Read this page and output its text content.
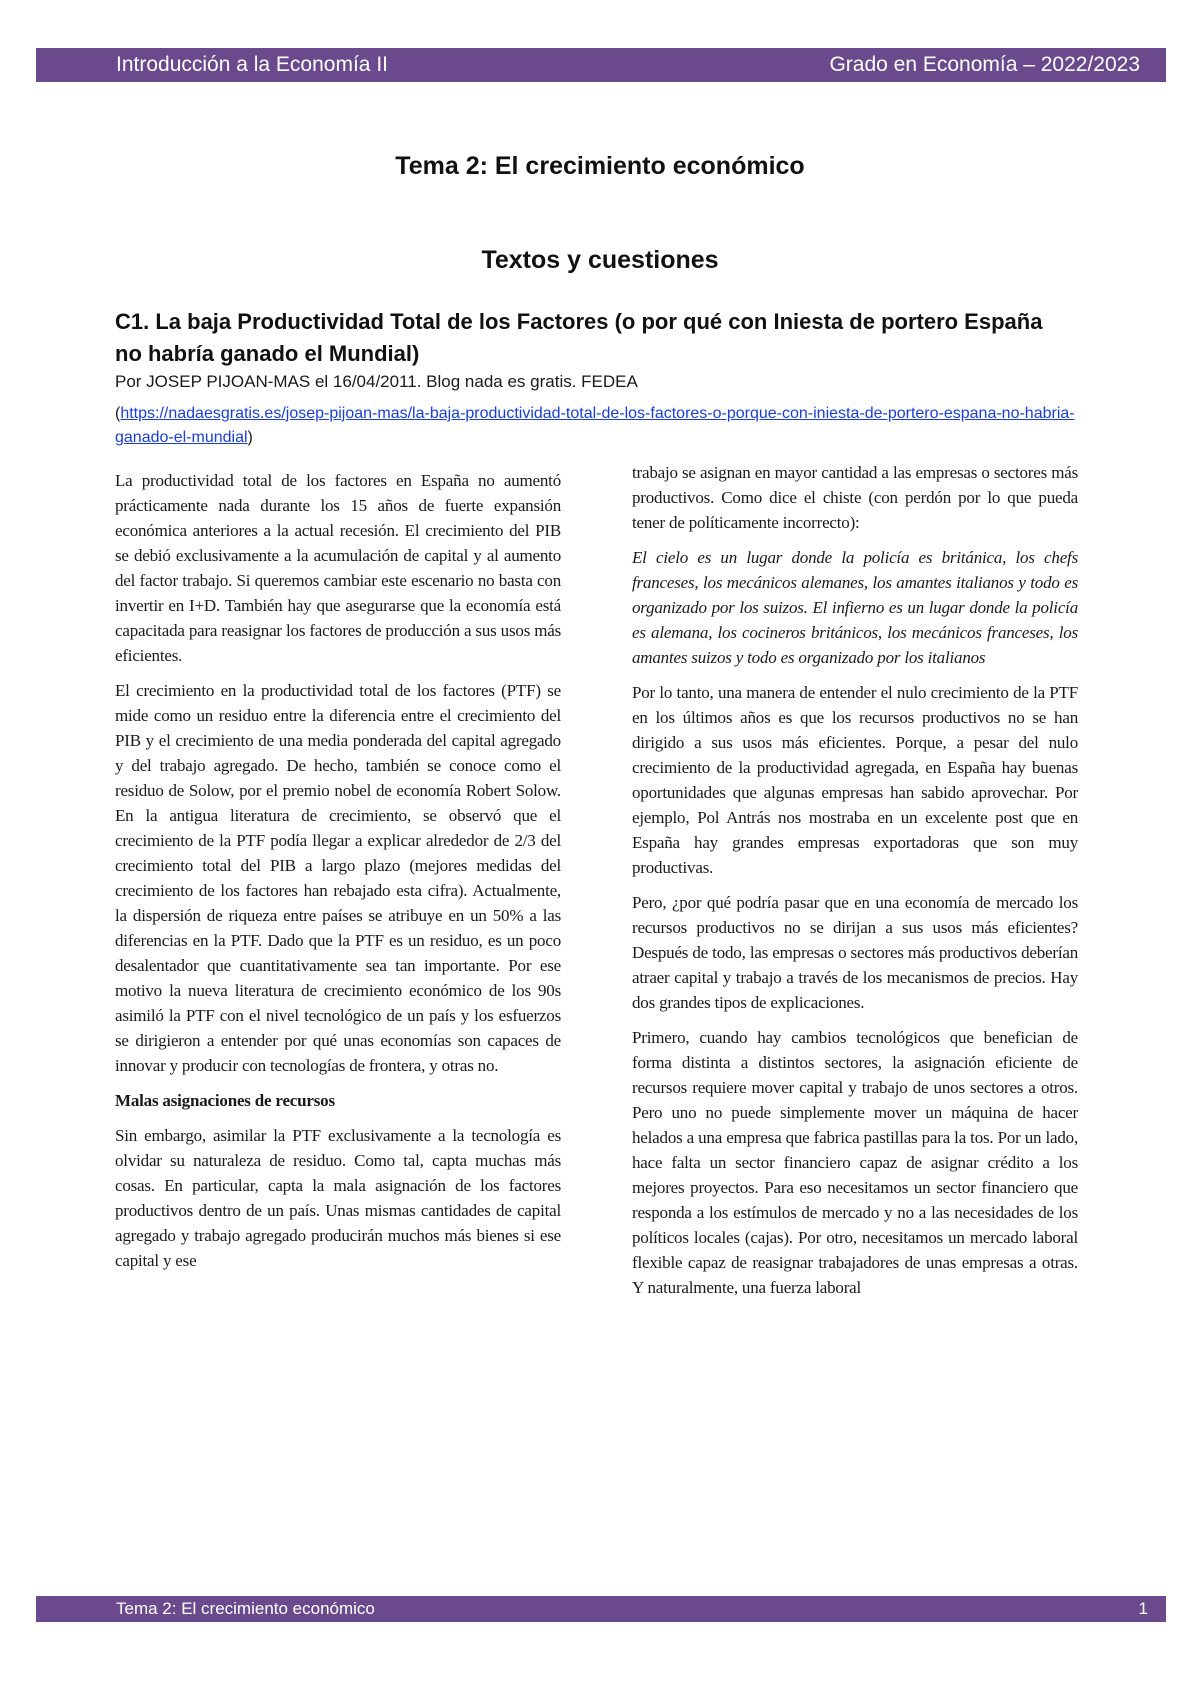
Introducción a la Economía II	Grado en Economía – 2022/2023
Tema 2: El crecimiento económico
Textos y cuestiones
C1. La baja Productividad Total de los Factores (o por qué con Iniesta de portero España no habría ganado el Mundial)
Por JOSEP PIJOAN-MAS el 16/04/2011. Blog nada es gratis. FEDEA
(https://nadaesgratis.es/josep-pijoan-mas/la-baja-productividad-total-de-los-factores-o-porque-con-iniesta-de-portero-espana-no-habria-ganado-el-mundial)

La productividad total de los factores en España no aumentó prácticamente nada durante los 15 años de fuerte expansión económica anteriores a la actual recesión. El crecimiento del PIB se debió exclusivamente a la acumulación de capital y al aumento del factor trabajo. Si queremos cambiar este escenario no basta con invertir en I+D. También hay que asegurarse que la economía está capacitada para reasignar los factores de producción a sus usos más eficientes.

El crecimiento en la productividad total de los factores (PTF) se mide como un residuo entre la diferencia entre el crecimiento del PIB y el crecimiento de una media ponderada del capital agregado y del trabajo agregado. De hecho, también se conoce como el residuo de Solow, por el premio nobel de economía Robert Solow. En la antigua literatura de crecimiento, se observó que el crecimiento de la PTF podía llegar a explicar alrededor de 2/3 del crecimiento total del PIB a largo plazo (mejores medidas del crecimiento de los factores han rebajado esta cifra). Actualmente, la dispersión de riqueza entre países se atribuye en un 50% a las diferencias en la PTF. Dado que la PTF es un residuo, es un poco desalentador que cuantitativamente sea tan importante. Por ese motivo la nueva literatura de crecimiento económico de los 90s asimiló la PTF con el nivel tecnológico de un país y los esfuerzos se dirigieron a entender por qué unas economías son capaces de innovar y producir con tecnologías de frontera, y otras no.

Malas asignaciones de recursos

Sin embargo, asimilar la PTF exclusivamente a la tecnología es olvidar su naturaleza de residuo. Como tal, capta muchas más cosas. En particular, capta la mala asignación de los factores productivos dentro de un país. Unas mismas cantidades de capital agregado y trabajo agregado producirán muchos más bienes si ese capital y ese

trabajo se asignan en mayor cantidad a las empresas o sectores más productivos. Como dice el chiste (con perdón por lo que pueda tener de políticamente incorrecto):

El cielo es un lugar donde la policía es británica, los chefs franceses, los mecánicos alemanes, los amantes italianos y todo es organizado por los suizos. El infierno es un lugar donde la policía es alemana, los cocineros británicos, los mecánicos franceses, los amantes suizos y todo es organizado por los italianos

Por lo tanto, una manera de entender el nulo crecimiento de la PTF en los últimos años es que los recursos productivos no se han dirigido a sus usos más eficientes. Porque, a pesar del nulo crecimiento de la productividad agregada, en España hay buenas oportunidades que algunas empresas han sabido aprovechar. Por ejemplo, Pol Antrás nos mostraba en un excelente post que en España hay grandes empresas exportadoras que son muy productivas.

Pero, ¿por qué podría pasar que en una economía de mercado los recursos productivos no se dirijan a sus usos más eficientes? Después de todo, las empresas o sectores más productivos deberían atraer capital y trabajo a través de los mecanismos de precios. Hay dos grandes tipos de explicaciones.

Primero, cuando hay cambios tecnológicos que benefician de forma distinta a distintos sectores, la asignación eficiente de recursos requiere mover capital y trabajo de unos sectores a otros. Pero uno no puede simplemente mover un máquina de hacer helados a una empresa que fabrica pastillas para la tos. Por un lado, hace falta un sector financiero capaz de asignar crédito a los mejores proyectos. Para eso necesitamos un sector financiero que responda a los estímulos de mercado y no a las necesidades de los políticos locales (cajas). Por otro, necesitamos un mercado laboral flexible capaz de reasignar trabajadores de unas empresas a otras. Y naturalmente, una fuerza laboral

Tema 2: El crecimiento económico	1
